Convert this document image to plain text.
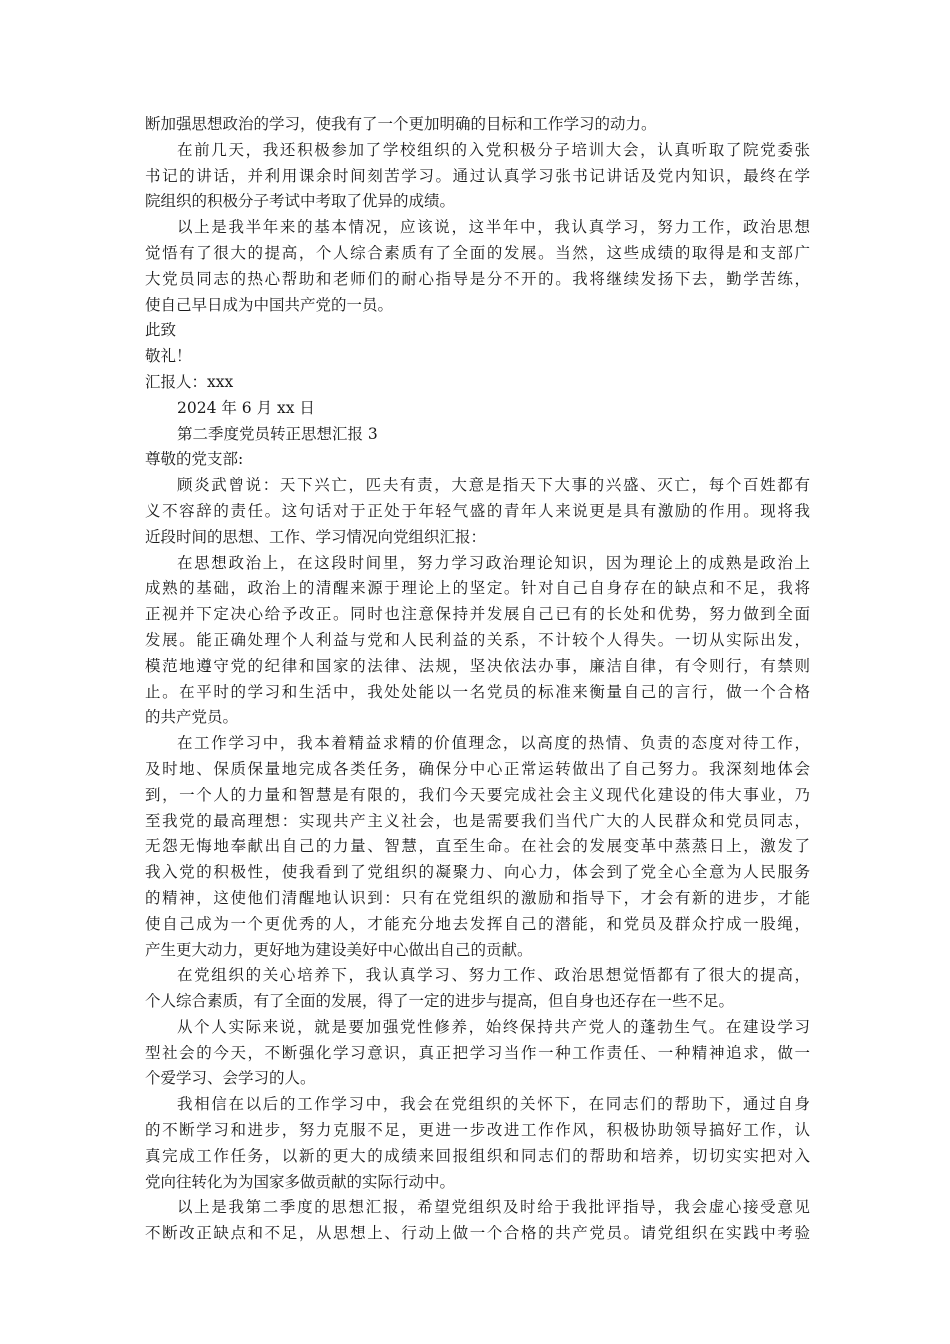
断加强思想政治的学习，使我有了一个更加明确的目标和工作学习的动力。
在前几天，我还积极参加了学校组织的入党积极分子培训大会，认真听取了院党委张
书记的讲话，并利用课余时间刻苦学习。通过认真学习张书记讲话及党内知识，最终在学
院组织的积极分子考试中考取了优异的成绩。
以上是我半年来的基本情况，应该说，这半年中，我认真学习，努力工作，政治思想
觉悟有了很大的提高，个人综合素质有了全面的发展。当然，这些成绩的取得是和支部广
大党员同志的热心帮助和老师们的耐心指导是分不开的。我将继续发扬下去，勤学苦练，
使自己早日成为中国共产党的一员。
此致
敬礼！
汇报人：xxx
2024 年 6 月 xx 日
第二季度党员转正思想汇报 3
尊敬的党支部:
顾炎武曾说：天下兴亡，匹夫有责，大意是指天下大事的兴盛、灭亡，每个百姓都有
义不容辞的责任。这句话对于正处于年轻气盛的青年人来说更是具有激励的作用。现将我
近段时间的思想、工作、学习情况向党组织汇报：
在思想政治上，在这段时间里，努力学习政治理论知识，因为理论上的成熟是政治上
成熟的基础，政治上的清醒来源于理论上的坚定。针对自己自身存在的缺点和不足，我将
正视并下定决心给予改正。同时也注意保持并发展自己已有的长处和优势，努力做到全面
发展。能正确处理个人利益与党和人民利益的关系，不计较个人得失。一切从实际出发，
模范地遵守党的纪律和国家的法律、法规，坚决依法办事，廉洁自律，有令则行，有禁则
止。在平时的学习和生活中，我处处能以一名党员的标准来衡量自己的言行，做一个合格
的共产党员。
在工作学习中，我本着精益求精的价值理念，以高度的热情、负责的态度对待工作，
及时地、保质保量地完成各类任务，确保分中心正常运转做出了自己努力。我深刻地体会
到，一个人的力量和智慧是有限的，我们今天要完成社会主义现代化建设的伟大事业，乃
至我党的最高理想：实现共产主义社会，也是需要我们当代广大的人民群众和党员同志，
无怨无悔地奉献出自己的力量、智慧，直至生命。在社会的发展变革中蒸蒸日上，激发了
我入党的积极性，使我看到了党组织的凝聚力、向心力，体会到了党全心全意为人民服务
的精神，这使他们清醒地认识到：只有在党组织的激励和指导下，才会有新的进步，才能
使自己成为一个更优秀的人，才能充分地去发挥自己的潜能，和党员及群众拧成一股绳，
产生更大动力，更好地为建设美好中心做出自己的贡献。
在党组织的关心培养下，我认真学习、努力工作、政治思想觉悟都有了很大的提高，
个人综合素质，有了全面的发展，得了一定的进步与提高，但自身也还存在一些不足。
从个人实际来说，就是要加强党性修养，始终保持共产党人的蓬勃生气。在建设学习
型社会的今天，不断强化学习意识，真正把学习当作一种工作责任、一种精神追求，做一
个爱学习、会学习的人。
我相信在以后的工作学习中，我会在党组织的关怀下，在同志们的帮助下，通过自身
的不断学习和进步，努力克服不足，更进一步改进工作作风，积极协助领导搞好工作，认
真完成工作任务，以新的更大的成绩来回报组织和同志们的帮助和培养，切切实实把对入
党向往转化为为国家多做贡献的实际行动中。
以上是我第二季度的思想汇报，希望党组织及时给于我批评指导，我会虚心接受意见
不断改正缺点和不足，从思想上、行动上做一个合格的共产党员。请党组织在实践中考验
